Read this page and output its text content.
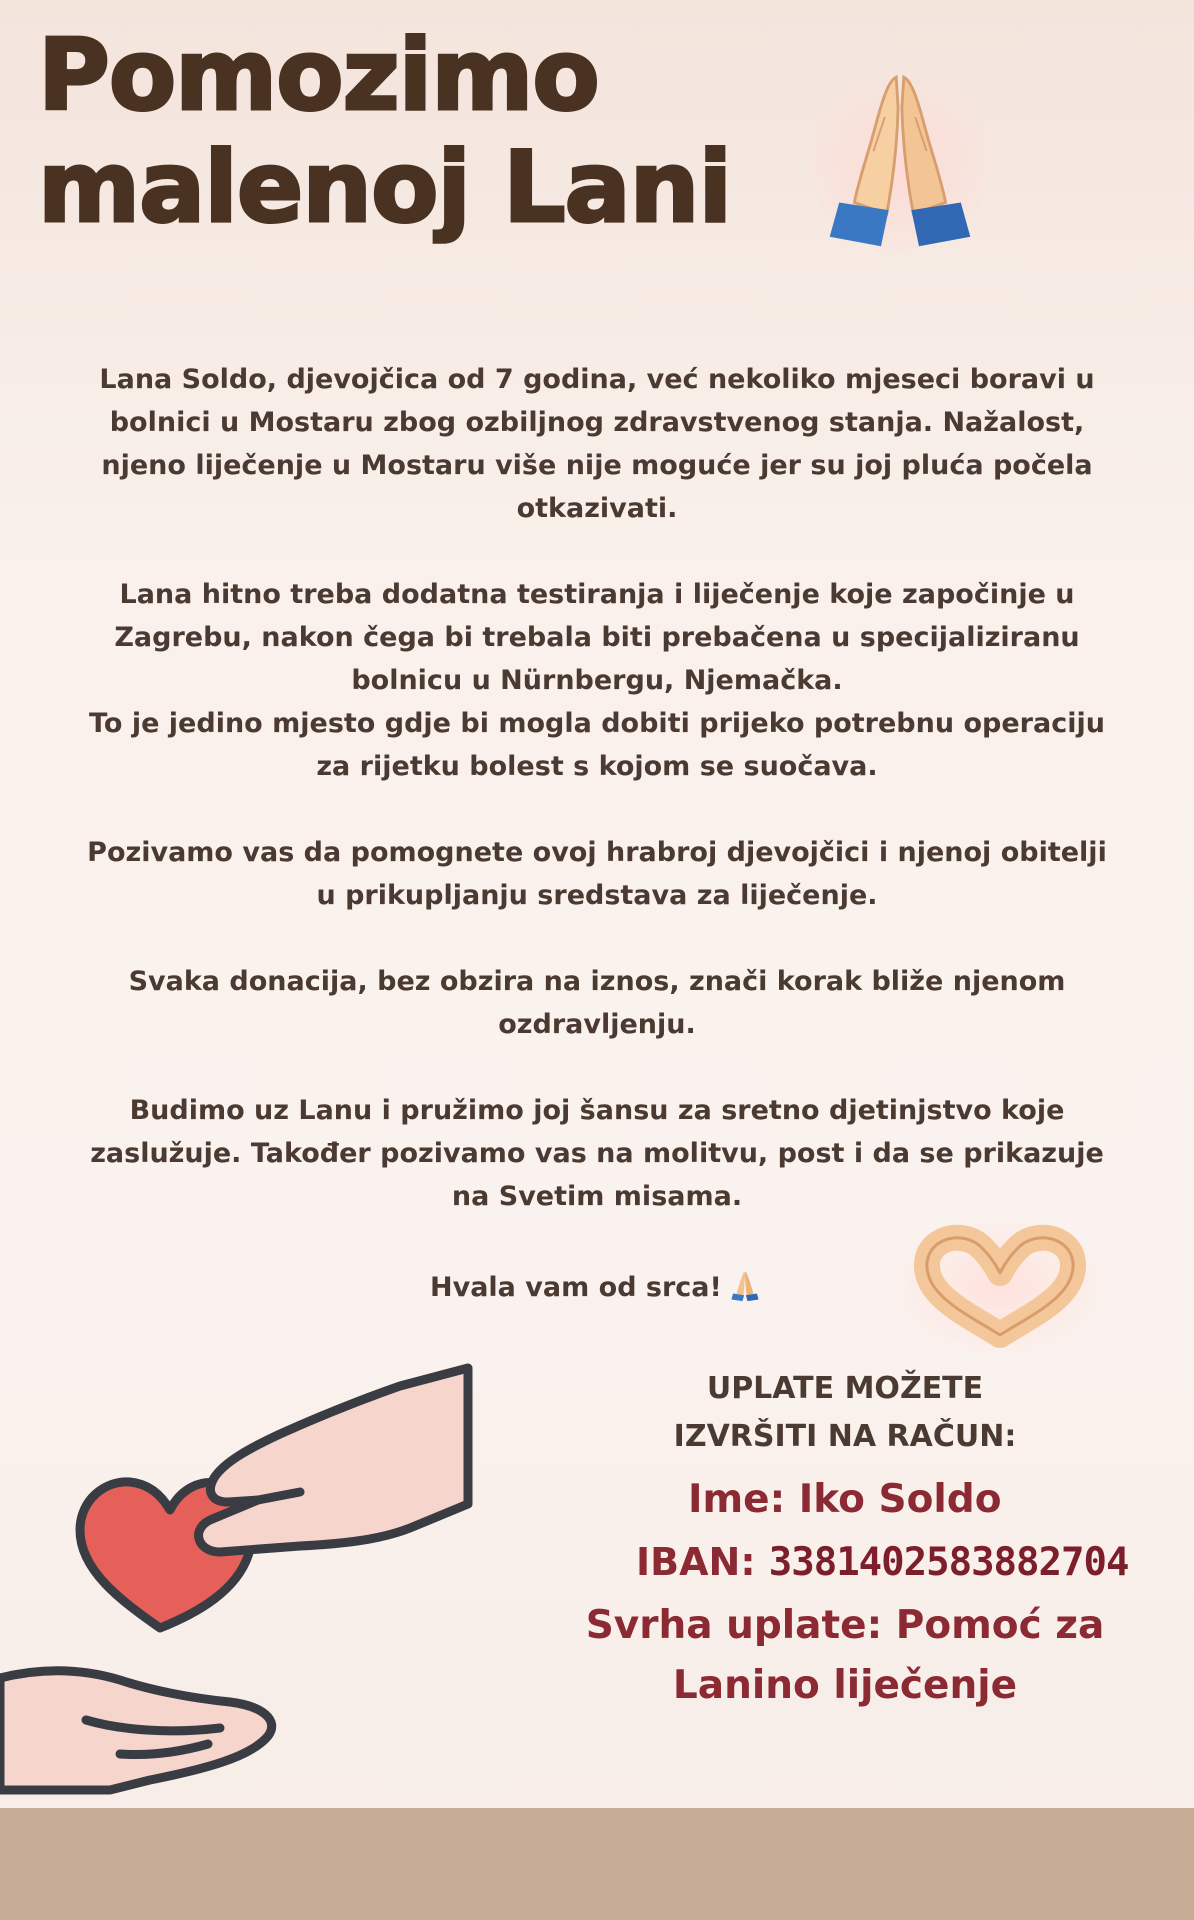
Pomozimo
malenoj Lani

Lana Soldo, djevojčica od 7 godina, već nekoliko mjeseci boravi u bolnici u Mostaru zbog ozbiljnog zdravstvenog stanja. Nažalost, njeno liječenje u Mostaru više nije moguće jer su joj pluća počela otkazivati.

Lana hitno treba dodatna testiranja i liječenje koje započinje u Zagrebu, nakon čega bi trebala biti prebačena u specijaliziranu bolnicu u Nürnbergu, Njemačka.

To je jedino mjesto gdje bi mogla dobiti prijeko potrebnu operaciju za rijetku bolest s kojom se suočava.

Pozivamo vas da pomognete ovoj hrabroj djevojčici i njenoj obitelji u prikupljanju sredstava za liječenje.

Svaka donacija, bez obzira na iznos, znači korak bliže njenom ozdravljenju.

Budimo uz Lanu i pružimo joj šansu za sretno djetinjstvo koje zaslužuje. Također pozivamo vas na molitvu, post i da se prikazuje na Svetim misama.

Hvala vam od srca!
UPLATE MOŽETE
IZVRŠITI NA RAČUN:
Ime: Iko Soldo
IBAN: 3381402583882704
Svrha uplate: Pomoć za
Lanino liječenje
